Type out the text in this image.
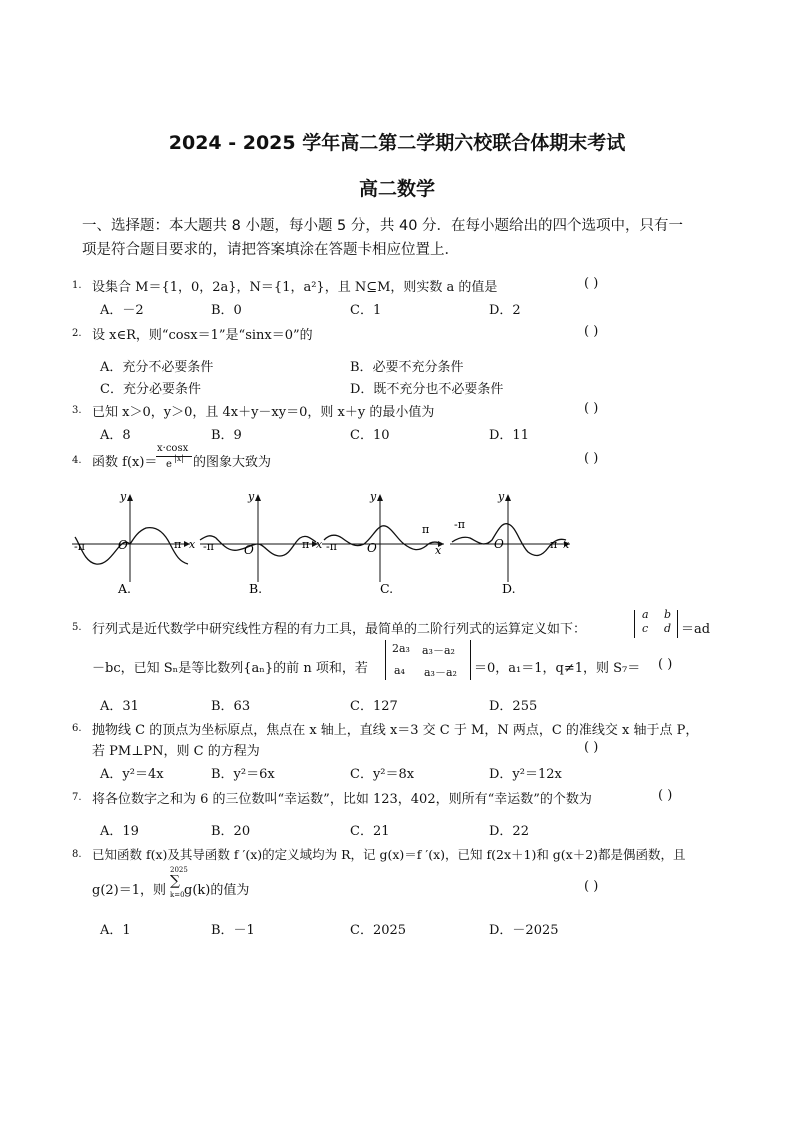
2024 - 2025 学年高二第二学期六校联合体期末考试
高二数学
一、选择题：本大题共 8 小题，每小题 5 分，共 40 分．在每小题给出的四个选项中，只有一
项是符合题目要求的，请把答案填涂在答题卡相应位置上．
1. 设集合 M＝{1，0，2a}，N＝{1，a²}，且 N⊆M，则实数 a 的值是	( )
A．－2	B．0	C．1	D．2
2. 设 x∈R，则“cosx＝1”是“sinx＝0”的	( )
A．充分不必要条件	B．必要不充分条件
C．充分必要条件	D．既不充分也不必要条件
3. 已知 x＞0，y＞0，且 4x＋y－xy＝0，则 x＋y 的最小值为	( )
A．8	B．9	C．10	D．11
4. 函数 f(x)＝
x·cosx
e
|x| 的图象大致为	( )
-π	O	π x
y
A.
-π	O	π x
y
B.
-π	O
π
x
y
C.
-π
O	π x
y
D.
5. 行列式是近代数学中研究线性方程的有力工具，最简单的二阶行列式的运算定义如下：
a b
c d ＝ad
－bc，已知 Sₙ是等比数列{aₙ}的前 n 项和，若
2a₃ a₃－a₂
a₄ a₃－a₂ ＝0，a₁＝1，q≠1，则 S₇＝ ( )
A．31	B．63	C．127	D．255
6. 抛物线 C 的顶点为坐标原点，焦点在 x 轴上，直线 x＝3 交 C 于 M，N 两点，C 的准线交 x 轴于点 P，
若 PM⊥PN，则 C 的方程为	( )
A．y²＝4x	B．y²＝6x	C．y²＝8x	D．y²＝12x
7. 将各位数字之和为 6 的三位数叫“幸运数”，比如 123，402，则所有“幸运数”的个数为	( )
A．19	B．20	C．21	D．22
8. 已知函数 f(x)及其导函数 f ′(x)的定义域均为 R，记 g(x)＝f ′(x)，已知 f(2x＋1)和 g(x＋2)都是偶函数，且
g(2)＝1，则
2025
∑
k=0 g(k)的值为	( )
A．1	B．－1	C．2025	D．－2025
